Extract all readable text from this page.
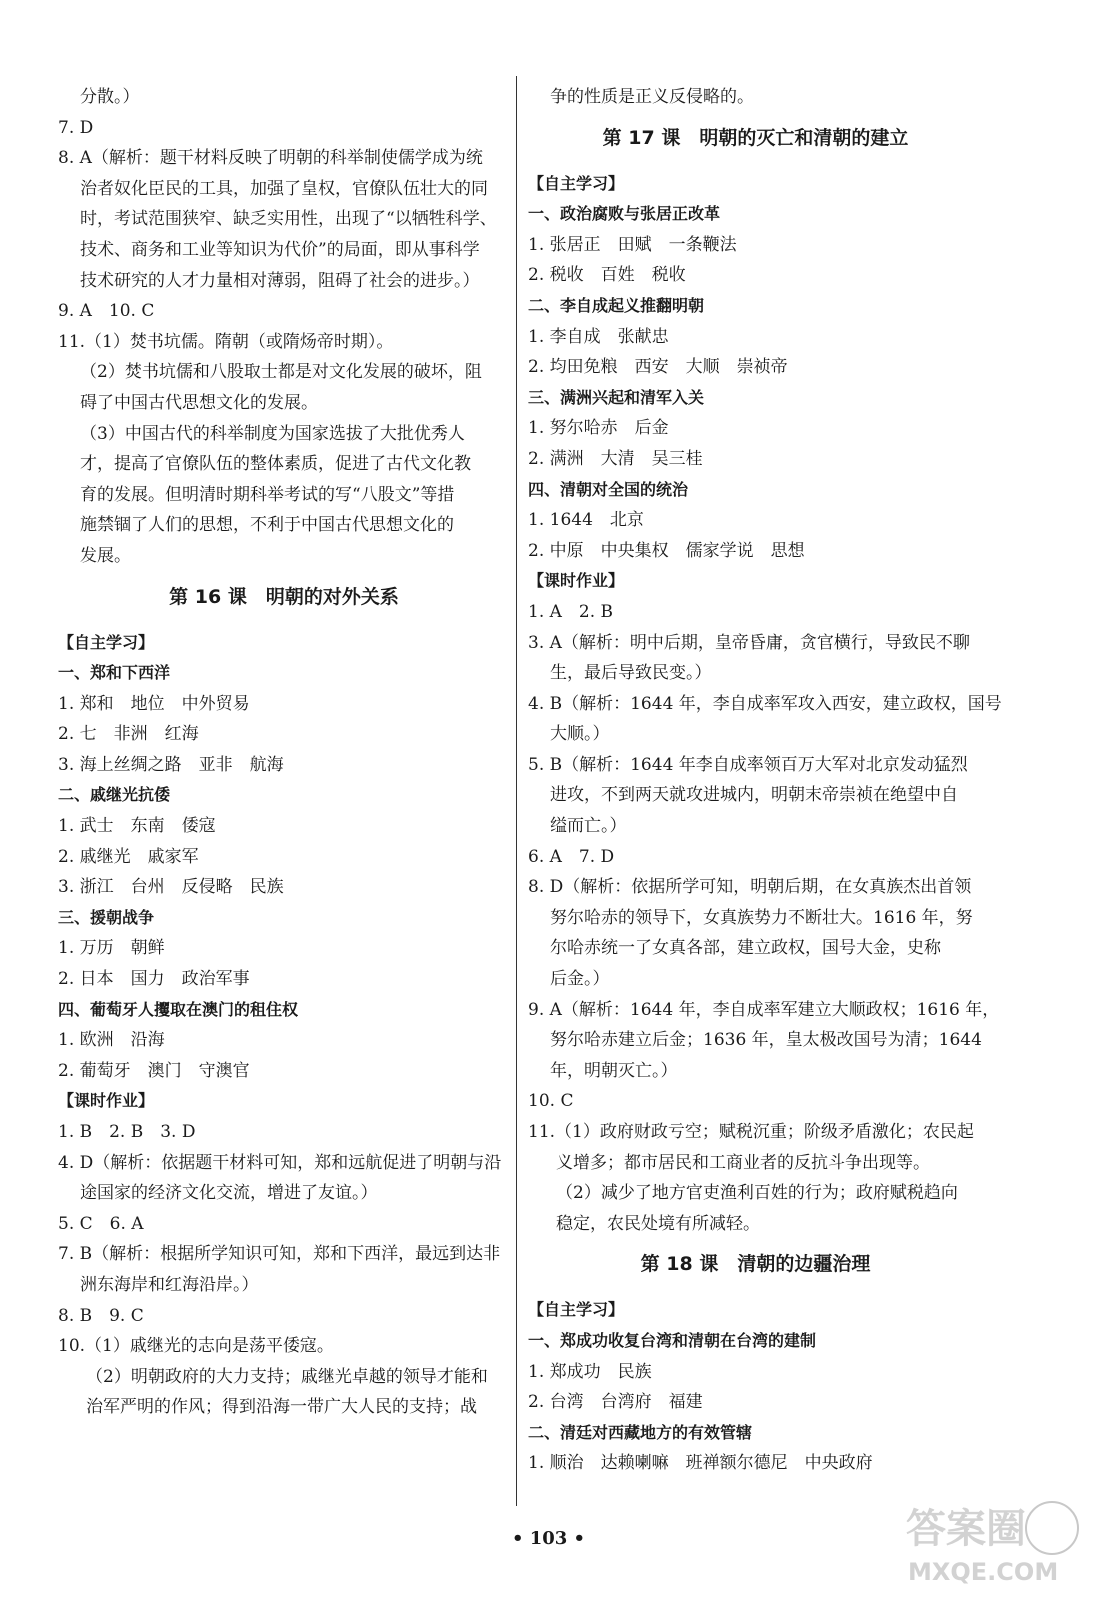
分散。）
7. D
8. A（解析：题干材料反映了明朝的科举制使儒学成为统
治者奴化臣民的工具，加强了皇权，官僚队伍壮大的同
时，考试范围狭窄、缺乏实用性，出现了“以牺牲科学、
技术、商务和工业等知识为代价”的局面，即从事科学
技术研究的人才力量相对薄弱，阻碍了社会的进步。）
9. A　10. C
11.（1）焚书坑儒。隋朝（或隋炀帝时期）。
（2）焚书坑儒和八股取士都是对文化发展的破坏，阻
碍了中国古代思想文化的发展。
（3）中国古代的科举制度为国家选拔了大批优秀人
才，提高了官僚队伍的整体素质，促进了古代文化教
育的发展。但明清时期科举考试的写“八股文”等措
施禁锢了人们的思想，不利于中国古代思想文化的
发展。
第 16 课　明朝的对外关系
【自主学习】
一、郑和下西洋
1. 郑和　地位　中外贸易
2. 七　非洲　红海
3. 海上丝绸之路　亚非　航海
二、戚继光抗倭
1. 武士　东南　倭寇
2. 戚继光　戚家军
3. 浙江　台州　反侵略　民族
三、援朝战争
1. 万历　朝鲜
2. 日本　国力　政治军事
四、葡萄牙人攫取在澳门的租住权
1. 欧洲　沿海
2. 葡萄牙　澳门　守澳官
【课时作业】
1. B　2. B　3. D
4. D（解析：依据题干材料可知，郑和远航促进了明朝与沿
途国家的经济文化交流，增进了友谊。）
5. C　6. A
7. B（解析：根据所学知识可知，郑和下西洋，最远到达非
洲东海岸和红海沿岸。）
8. B　9. C
10.（1）戚继光的志向是荡平倭寇。
（2）明朝政府的大力支持；戚继光卓越的领导才能和
治军严明的作风；得到沿海一带广大人民的支持；战
争的性质是正义反侵略的。
第 17 课　明朝的灭亡和清朝的建立
【自主学习】
一、政治腐败与张居正改革
1. 张居正　田赋　一条鞭法
2. 税收　百姓　税收
二、李自成起义推翻明朝
1. 李自成　张献忠
2. 均田免粮　西安　大顺　崇祯帝
三、满洲兴起和清军入关
1. 努尔哈赤　后金
2. 满洲　大清　吴三桂
四、清朝对全国的统治
1. 1644　北京
2. 中原　中央集权　儒家学说　思想
【课时作业】
1. A　2. B
3. A（解析：明中后期，皇帝昏庸，贪官横行，导致民不聊
生，最后导致民变。）
4. B（解析：1644 年，李自成率军攻入西安，建立政权，国号
大顺。）
5. B（解析：1644 年李自成率领百万大军对北京发动猛烈
进攻，不到两天就攻进城内，明朝末帝崇祯在绝望中自
缢而亡。）
6. A　7. D
8. D（解析：依据所学可知，明朝后期，在女真族杰出首领
努尔哈赤的领导下，女真族势力不断壮大。1616 年，努
尔哈赤统一了女真各部，建立政权，国号大金，史称
后金。）
9. A（解析：1644 年，李自成率军建立大顺政权；1616 年，
努尔哈赤建立后金；1636 年，皇太极改国号为清；1644
年，明朝灭亡。）
10. C
11.（1）政府财政亏空；赋税沉重；阶级矛盾激化；农民起
义增多；都市居民和工商业者的反抗斗争出现等。
（2）减少了地方官吏渔利百姓的行为；政府赋税趋向
稳定，农民处境有所减轻。
第 18 课　清朝的边疆治理
【自主学习】
一、郑成功收复台湾和清朝在台湾的建制
1. 郑成功　民族
2. 台湾　台湾府　福建
二、清廷对西藏地方的有效管辖
1. 顺治　达赖喇嘛　班禅额尔德尼　中央政府
• 103 •	答案圈
MXQE.COM
